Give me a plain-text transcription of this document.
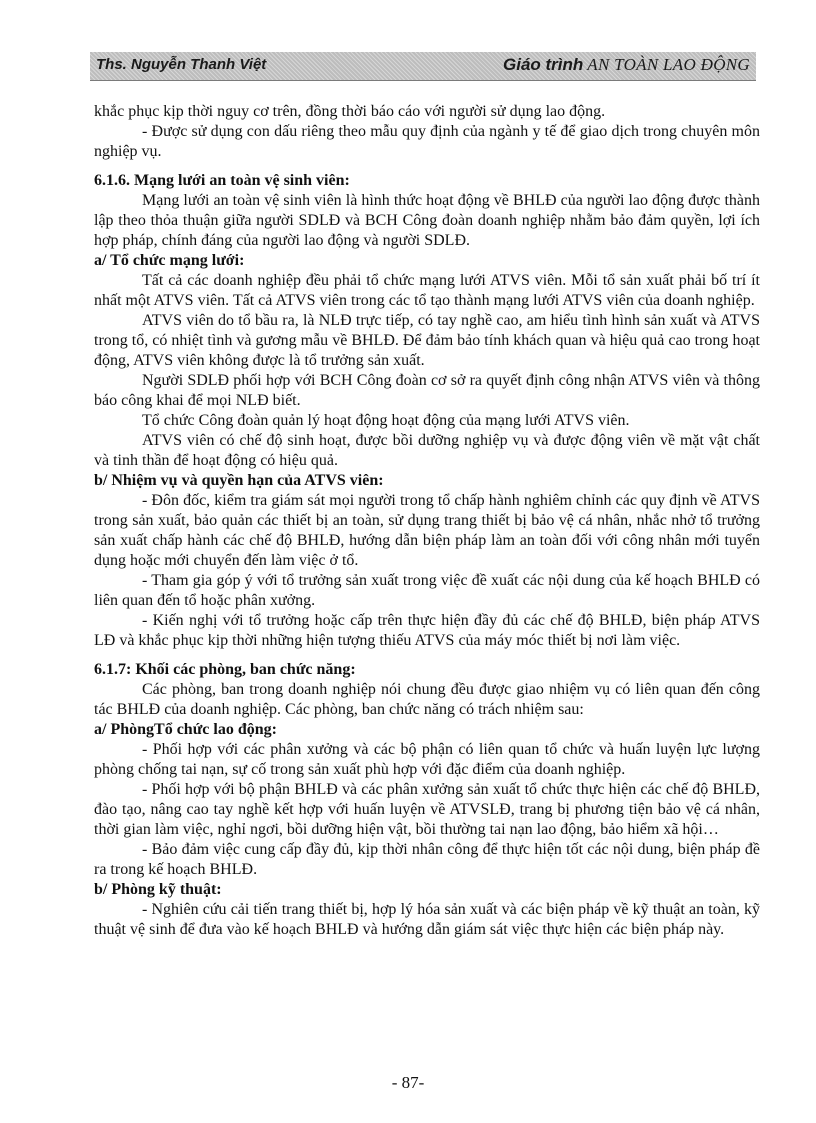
Ths. Nguyễn Thanh Việt	Giáo trình AN TOÀN LAO ĐỘNG

khắc phục kịp thời nguy cơ trên, đồng thời báo cáo với người sử dụng lao động.

- Được sử dụng con dấu riêng theo mẫu quy định của ngành y tế để giao dịch trong chuyên môn nghiệp vụ.

6.1.6. Mạng lưới an toàn vệ sinh viên:

Mạng lưới an toàn vệ sinh viên là hình thức hoạt động về BHLĐ của người lao động được thành lập theo thỏa thuận giữa người SDLĐ và BCH Công đoàn doanh nghiệp nhằm bảo đảm quyền, lợi ích hợp pháp, chính đáng của người lao động và người SDLĐ.

a/ Tổ chức mạng lưới:

Tất cả các doanh nghiệp đều phải tổ chức mạng lưới ATVS viên. Mỗi tổ sản xuất phải bố trí ít nhất một ATVS viên. Tất cả ATVS viên trong các tổ tạo thành mạng lưới ATVS viên của doanh nghiệp.

ATVS viên do tổ bầu ra, là NLĐ trực tiếp, có tay nghề cao, am hiểu tình hình sản xuất và ATVS trong tổ, có nhiệt tình và gương mẫu về BHLĐ. Để đảm bảo tính khách quan và hiệu quả cao trong hoạt động, ATVS viên không được là tổ trưởng sản xuất.

Người SDLĐ phối hợp với BCH Công đoàn cơ sở ra quyết định công nhận ATVS viên và thông báo công khai để mọi NLĐ biết.

Tổ chức Công đoàn quản lý hoạt động hoạt động của mạng lưới ATVS viên.

ATVS viên có chế độ sinh hoạt, được bồi dưỡng nghiệp vụ và được động viên về mặt vật chất và tinh thần để hoạt động có hiệu quả.

b/ Nhiệm vụ và quyền hạn của ATVS viên:

- Đôn đốc, kiểm tra giám sát mọi người trong tổ chấp hành nghiêm chỉnh các quy định về ATVS trong sản xuất, bảo quản các thiết bị an toàn, sử dụng trang thiết bị bảo vệ cá nhân, nhắc nhở tổ trưởng sản xuất chấp hành các chế độ BHLĐ, hướng dẫn biện pháp làm an toàn đối với công nhân mới tuyển dụng hoặc mới chuyển đến làm việc ở tổ.

- Tham gia góp ý với tổ trưởng sản xuất trong việc đề xuất các nội dung của kế hoạch BHLĐ có liên quan đến tổ hoặc phân xưởng.

- Kiến nghị với tổ trưởng hoặc cấp trên thực hiện đầy đủ các chế độ BHLĐ, biện pháp ATVS LĐ và khắc phục kịp thời những hiện tượng thiếu ATVS của máy móc thiết bị nơi làm việc.

6.1.7: Khối các phòng, ban chức năng:

Các phòng, ban trong doanh nghiệp nói chung đều được giao nhiệm vụ có liên quan đến công tác BHLĐ của doanh nghiệp. Các phòng, ban chức năng có trách nhiệm sau:

a/ PhòngTổ chức lao động:

- Phối hợp với các phân xưởng và các bộ phận có liên quan tổ chức và huấn luyện lực lượng phòng chống tai nạn, sự cố trong sản xuất phù hợp với đặc điểm của doanh nghiệp.

- Phối hợp với bộ phận BHLĐ và các phân xưởng sản xuất tổ chức thực hiện các chế độ BHLĐ, đào tạo, nâng cao tay nghề kết hợp với huấn luyện về ATVSLĐ, trang bị phương tiện bảo vệ cá nhân, thời gian làm việc, nghỉ ngơi, bồi dưỡng hiện vật, bồi thường tai nạn lao động, bảo hiểm xã hội…

- Bảo đảm việc cung cấp đầy đủ, kịp thời nhân công để thực hiện tốt các nội dung, biện pháp đề ra trong kế hoạch BHLĐ.

b/ Phòng kỹ thuật:

- Nghiên cứu cải tiến trang thiết bị, hợp lý hóa sản xuất và các biện pháp về kỹ thuật an toàn, kỹ thuật vệ sinh để đưa vào kế hoạch BHLĐ và hướng dẫn giám sát việc thực hiện các biện pháp này.

- 87-
